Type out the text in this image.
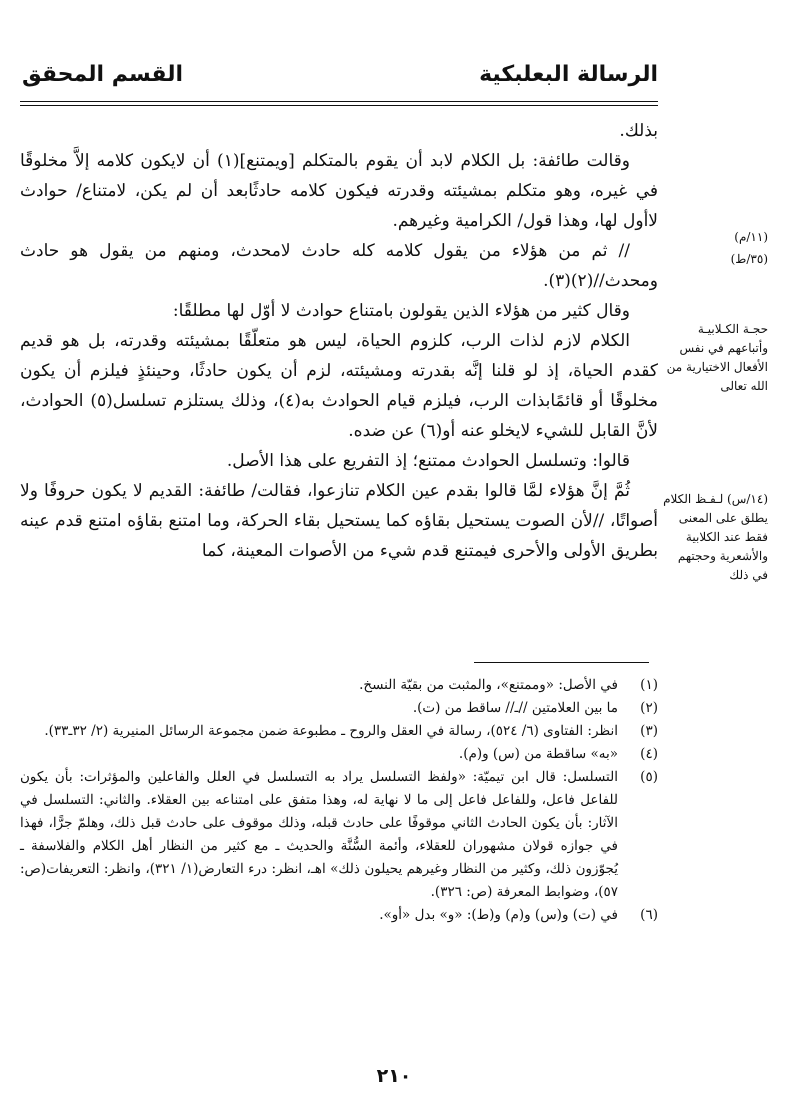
الرسالة البعلبكية
القسم المحقق
(١١/م)
(٣٥/ط)
حجـة الكـلابيـة وأتباعهم في نفس الأفعال الاختيارية من الله تعالى
(١٤/س) لـفـظ الكلام يطلق على المعنى فقط عند الكلابية والأشعرية وحجتهم في ذلك

بذلك.

وقالت طائفة: بل الكلام لابد أن يقوم بالمتكلم [ويمتنع](١) أن لايكون كلامه إلاَّ مخلوقًا في غيره، وهو متكلم بمشيئته وقدرته فيكون كلامه حادثًابعد أن لم يكن، لامتناع/ حوادث لاأول لها، وهذا قول/ الكرامية وغيرهم.

// ثم من هؤلاء من يقول كلامه كله حادث لامحدث، ومنهم من يقول هو حادث ومحدث//(٢)(٣).

وقال كثير من هؤلاء الذين يقولون بامتناع حوادث لا أوّل لها مطلقًا:

الكلام لازم لذات الرب، كلزوم الحياة، ليس هو متعلّقًا بمشيئته وقدرته، بل هو قديم كقدم الحياة، إذ لو قلنا إنَّه بقدرته ومشيئته، لزم أن يكون حادثًا، وحينئذٍ فيلزم أن يكون مخلوقًا أو قائمًابذات الرب، فيلزم قيام الحوادث به(٤)، وذلك يستلزم تسلسل(٥) الحوادث، لأنَّ القابل للشيء لايخلو عنه أو(٦) عن ضده.

قالوا: وتسلسل الحوادث ممتنع؛ إذ التفريع على هذا الأصل.

ثُمَّ إنَّ هؤلاء لمَّا قالوا بقدم عين الكلام تنازعوا، فقالت/ طائفة: القديم لا يكون حروفًا ولا أصواتًا، //لأن الصوت يستحيل بقاؤه كما يستحيل بقاء الحركة، وما امتنع بقاؤه امتنع قدم عينه بطريق الأولى والأحرى فيمتنع قدم شيء من الأصوات المعينة، كما

(١)
في الأصل: «وممتنع»، والمثبت من بقيّة النسخ.
(٢)
ما بين العلامتين //ـ// ساقط من (ت).
(٣)
انظر: الفتاوى (٦/ ٥٢٤)، رسالة في العقل والروح ـ مطبوعة ضمن مجموعة الرسائل المنيرية (٢/ ٣٢ـ٣٣).
(٤)
«به» ساقطة من (س) و(م).
(٥)
التسلسل: قال ابن تيميّة: «ولفظ التسلسل يراد به التسلسل في العلل والفاعلين والمؤثرات: بأن يكون للفاعل فاعل، وللفاعل فاعل إلى ما لا نهاية له، وهذا متفق على امتناعه بين العقلاء. والثاني: التسلسل في الآثار: بأن يكون الحادث الثاني موقوفًا على حادث قبله، وذلك موقوف على حادث قبل ذلك، وهلمّ جرًّا، فهذا في جوازه قولان مشهوران للعقلاء، وأئمة السُّنَّة والحديث ـ مع كثير من النظار أهل الكلام والفلاسفة ـ يُجوّزون ذلك، وكثير من النظار وغيرهم يحيلون ذلك» اهـ، انظر: درء التعارض(١/ ٣٢١)، وانظر: التعريفات(ص: ٥٧)، وضوابط المعرفة (ص: ٣٢٦).
(٦)
في (ت) و(س) و(م) و(ط): «و» بدل «أو».
٢١٠
